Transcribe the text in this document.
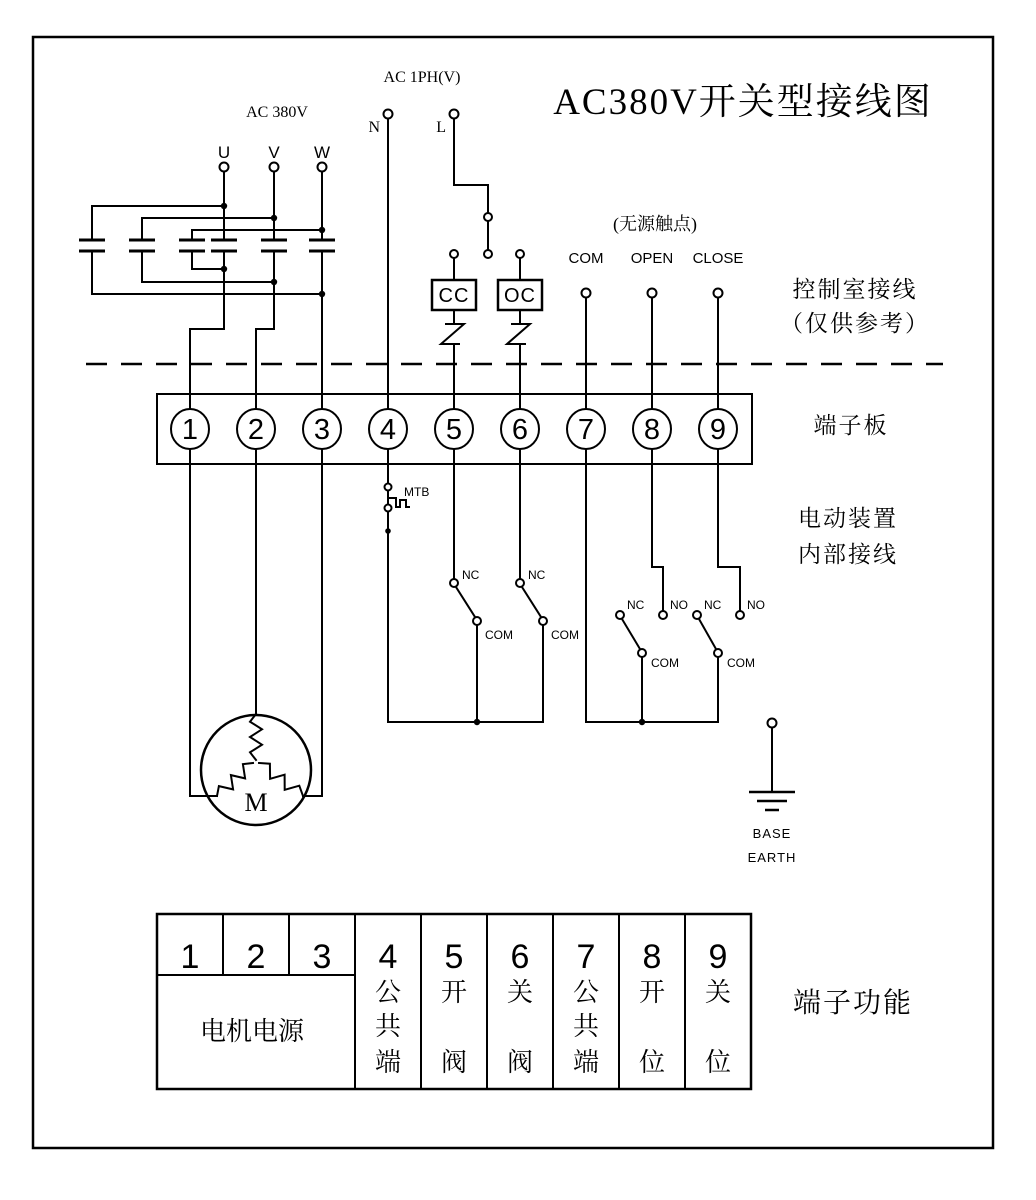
AC380V开关型接线图
AC 380V
U V W
AC 1PH(V)
N	L
CC OC
(无源触点)
COM OPEN CLOSE
控制室接线
（仅供参考）
端子板
电动装置
内部接线
端子功能
1 2 3 4 5 6 7 8 9
MTB
NC
COM
NC
COM
NC NO
COM
NC NO
COM
M
BASE
EARTH
1 2 3 4 5 6 7 8 9
电机电源
公
共
端
开
阀
关
阀
公
共
端
开
位
关
位
